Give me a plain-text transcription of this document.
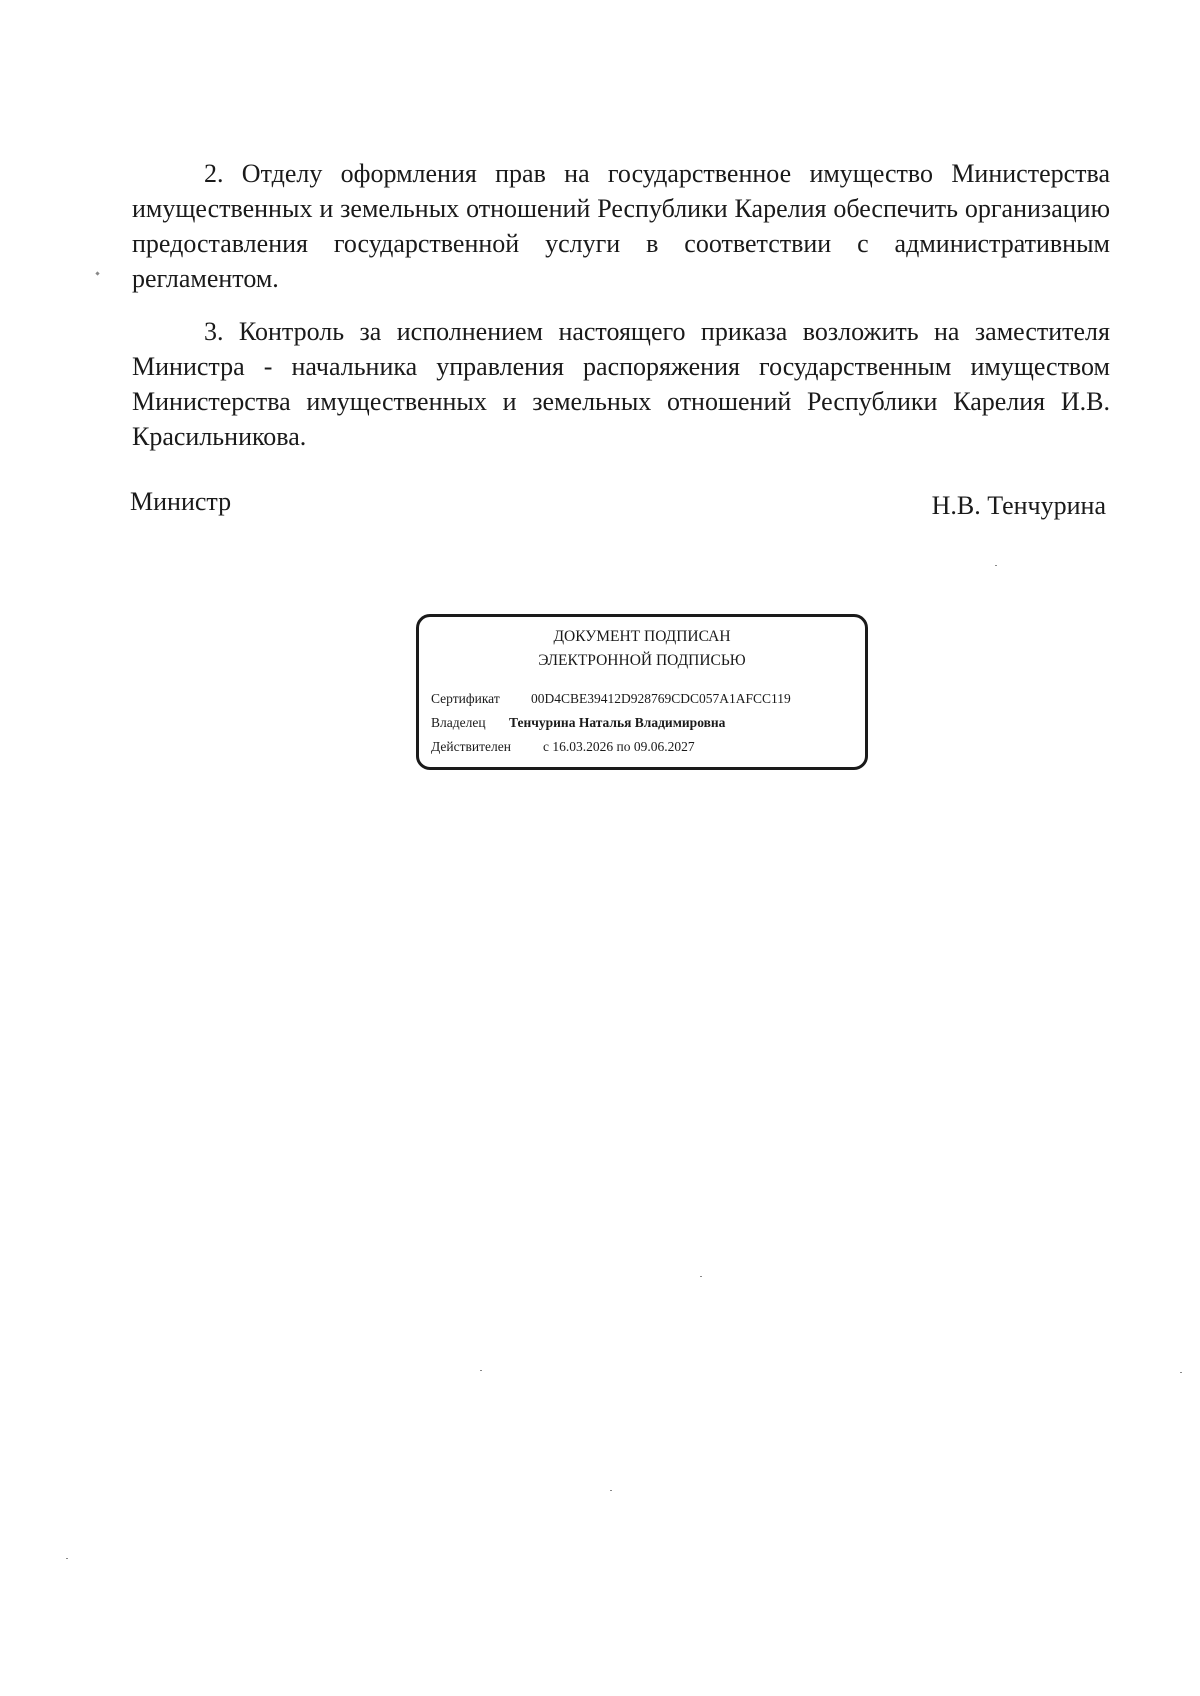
2. Отделу оформления прав на государственное имущество Министерства имущественных и земельных отношений Республики Карелия обеспечить организацию предоставления государственной услуги в соответствии с административным регламентом.

3. Контроль за исполнением настоящего приказа возложить на заместителя Министра - начальника управления распоряжения государственным имуществом Министерства имущественных и земельных отношений Республики Карелия И.В. Красильникова.

Министр	Н.В. Тенчурина
ДОКУМЕНТ ПОДПИСАН
ЭЛЕКТРОННОЙ ПОДПИСЬЮ
Сертификат 00D4CBE39412D928769CDC057A1AFCC119
Владелец Тенчурина Наталья Владимировна
Действителен с 16.03.2026 по 09.06.2027
